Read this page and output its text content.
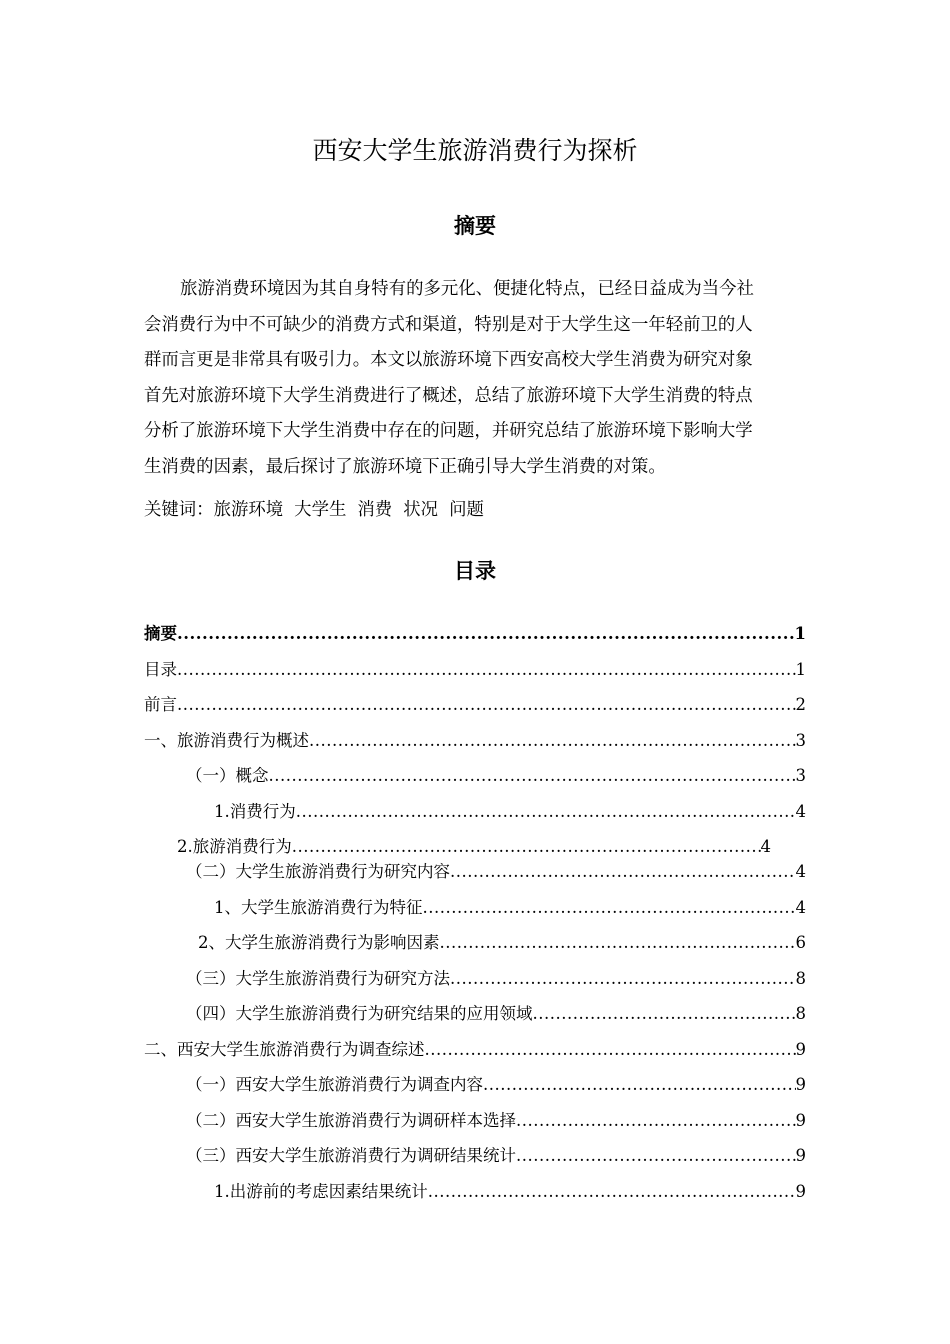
西安大学生旅游消费行为探析
摘要
旅游消费环境因为其自身特有的多元化、便捷化特点，已经日益成为当今社
会消费行为中不可缺少的消费方式和渠道，特别是对于大学生这一年轻前卫的人
群而言更是非常具有吸引力。本文以旅游环境下西安高校大学生消费为研究对象
首先对旅游环境下大学生消费进行了概述，总结了旅游环境下大学生消费的特点
分析了旅游环境下大学生消费中存在的问题，并研究总结了旅游环境下影响大学
生消费的因素，最后探讨了旅游环境下正确引导大学生消费的对策。
关键词：旅游环境  大学生  消费  状况  问题
目录
摘要 .....	1
目录 .....	1
前言 .....	2
一、旅游消费行为概述 .....	3
（一）概念 .....	3
1.消费行为 .....	4
2.旅游消费行为 .....	4
（二）大学生旅游消费行为研究内容 .....	4
1、大学生旅游消费行为特征 .....	4
2、大学生旅游消费行为影响因素 .....	6
（三）大学生旅游消费行为研究方法 .....	8
（四）大学生旅游消费行为研究结果的应用领域 .....	8
二、西安大学生旅游消费行为调查综述 .....	9
（一）西安大学生旅游消费行为调查内容 .....	9
（二）西安大学生旅游消费行为调研样本选择 .....	9
（三）西安大学生旅游消费行为调研结果统计 .....	9
1.出游前的考虑因素结果统计 .....	9
